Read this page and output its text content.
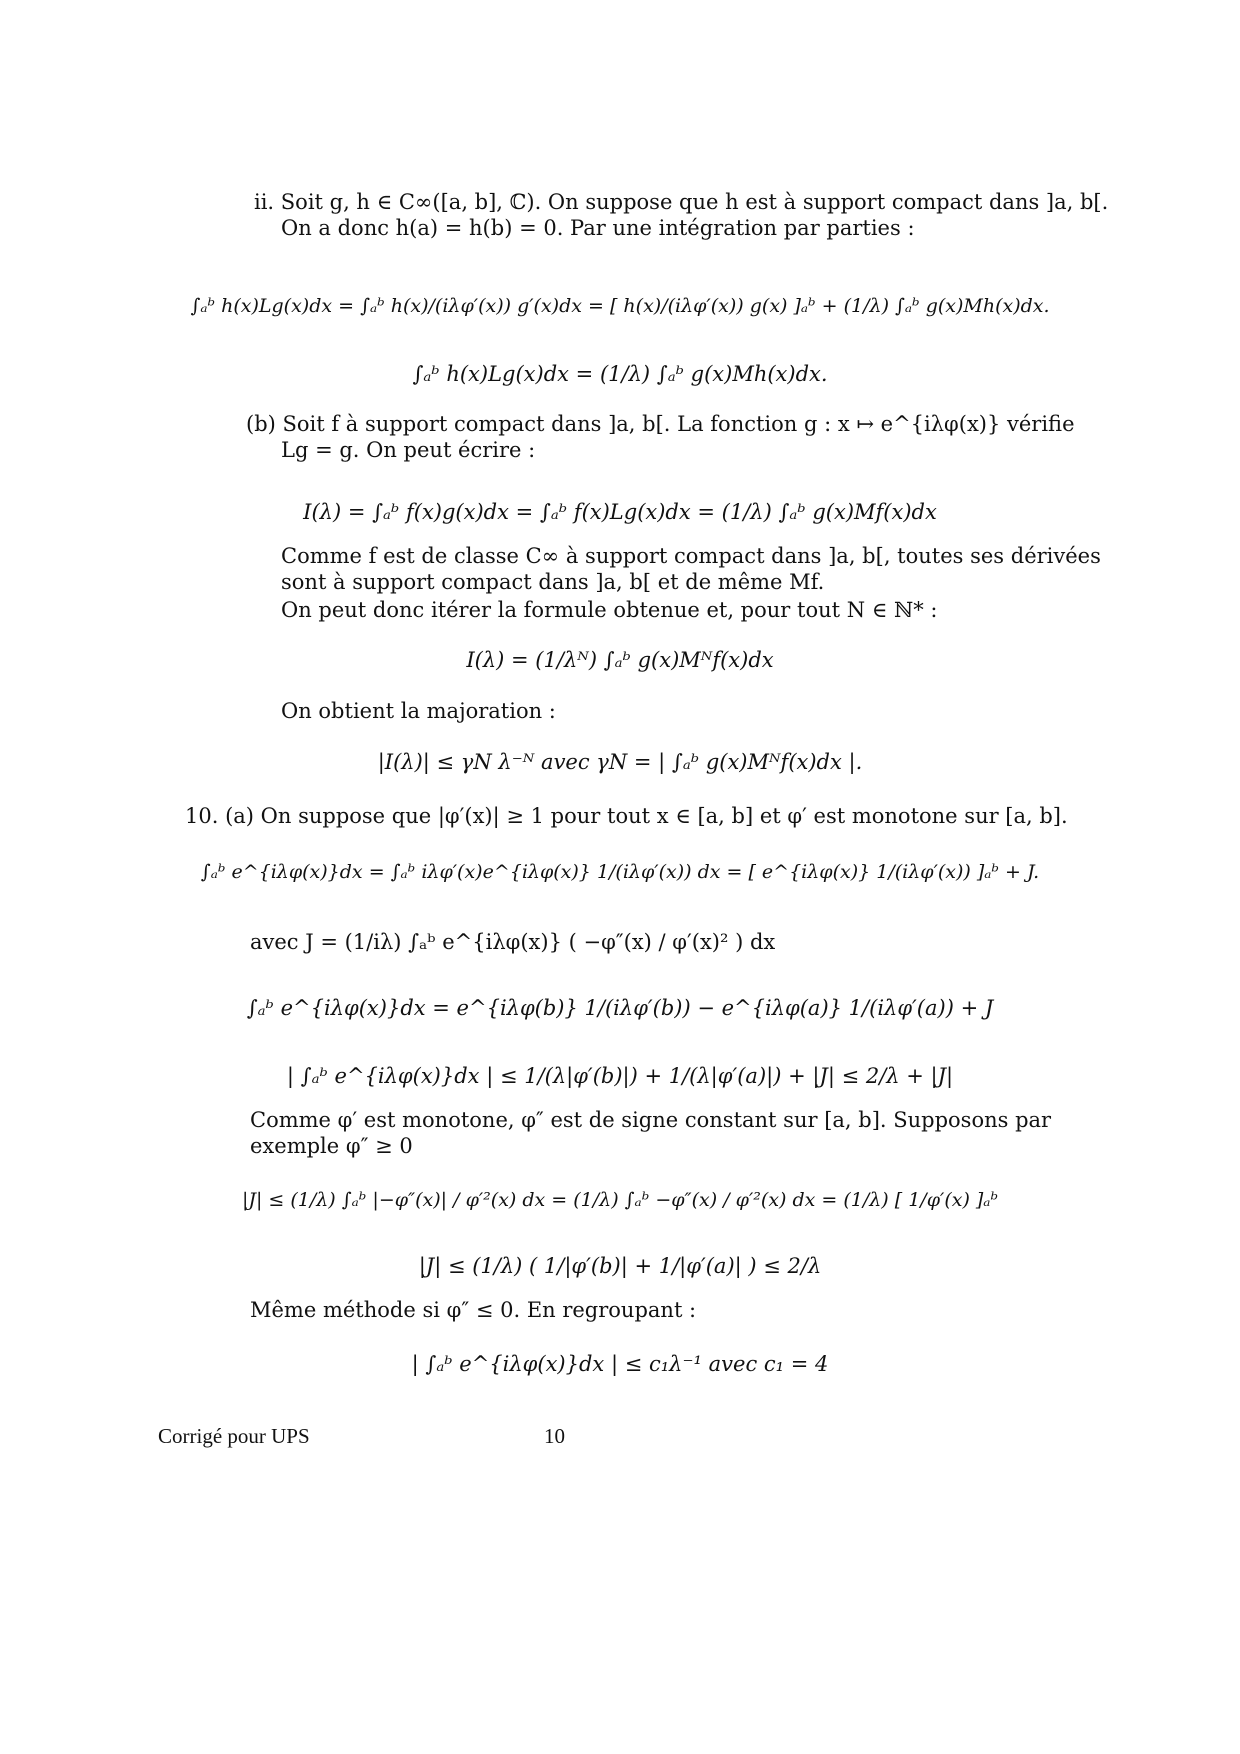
ii. Soit g, h ∈ C∞([a, b], ℂ). On suppose que h est à support compact dans ]a, b[.
On a donc h(a) = h(b) = 0. Par une intégration par parties :
∫ₐᵇ h(x)Lg(x)dx = ∫ₐᵇ h(x)/(iλφ′(x)) g′(x)dx = [ h(x)/(iλφ′(x)) g(x) ]ₐᵇ + (1/λ) ∫ₐᵇ g(x)Mh(x)dx.
∫ₐᵇ h(x)Lg(x)dx = (1/λ) ∫ₐᵇ g(x)Mh(x)dx.
(b) Soit f à support compact dans ]a, b[. La fonction g : x ↦ e^{iλφ(x)} vérifie
Lg = g. On peut écrire :
I(λ) = ∫ₐᵇ f(x)g(x)dx = ∫ₐᵇ f(x)Lg(x)dx = (1/λ) ∫ₐᵇ g(x)Mf(x)dx
Comme f est de classe C∞ à support compact dans ]a, b[, toutes ses dérivées
sont à support compact dans ]a, b[ et de même Mf.
On peut donc itérer la formule obtenue et, pour tout N ∈ ℕ* :
I(λ) = (1/λᴺ) ∫ₐᵇ g(x)Mᴺf(x)dx
On obtient la majoration :
|I(λ)| ≤ γN λ⁻ᴺ avec γN = | ∫ₐᵇ g(x)Mᴺf(x)dx |.
10. (a) On suppose que |φ′(x)| ≥ 1 pour tout x ∈ [a, b] et φ′ est monotone sur [a, b].
∫ₐᵇ e^{iλφ(x)}dx = ∫ₐᵇ iλφ′(x)e^{iλφ(x)} 1/(iλφ′(x)) dx = [ e^{iλφ(x)} 1/(iλφ′(x)) ]ₐᵇ + J.
avec J = (1/iλ) ∫ₐᵇ e^{iλφ(x)} ( −φ″(x) / φ′(x)² ) dx
∫ₐᵇ e^{iλφ(x)}dx = e^{iλφ(b)} 1/(iλφ′(b)) − e^{iλφ(a)} 1/(iλφ′(a)) + J
| ∫ₐᵇ e^{iλφ(x)}dx | ≤ 1/(λ|φ′(b)|) + 1/(λ|φ′(a)|) + |J| ≤ 2/λ + |J|
Comme φ′ est monotone, φ″ est de signe constant sur [a, b]. Supposons par
exemple φ″ ≥ 0
|J| ≤ (1/λ) ∫ₐᵇ |−φ″(x)| / φ′²(x) dx = (1/λ) ∫ₐᵇ −φ″(x) / φ′²(x) dx = (1/λ) [ 1/φ′(x) ]ₐᵇ
|J| ≤ (1/λ) ( 1/|φ′(b)| + 1/|φ′(a)| ) ≤ 2/λ
Même méthode si φ″ ≤ 0. En regroupant :
| ∫ₐᵇ e^{iλφ(x)}dx | ≤ c₁λ⁻¹ avec c₁ = 4
Corrigé pour UPS	10
